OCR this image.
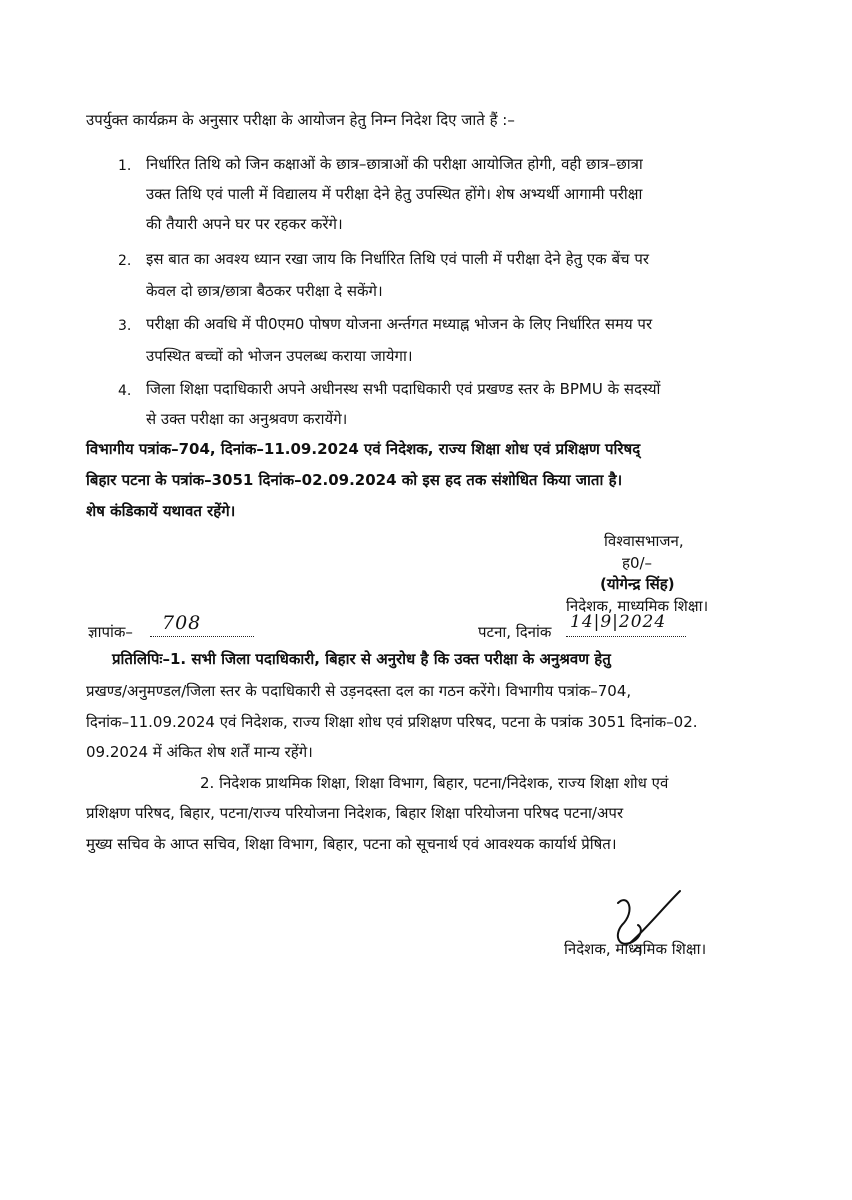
उपर्युक्त कार्यक्रम के अनुसार परीक्षा के आयोजन हेतु निम्न निदेश दिए जाते हैं :–
1. निर्धारित तिथि को जिन कक्षाओं के छात्र–छात्राओं की परीक्षा आयोजित होगी, वही छात्र–छात्रा
उक्त तिथि एवं पाली में विद्यालय में परीक्षा देने हेतु उपस्थित होंगे। शेष अभ्यर्थी आगामी परीक्षा
की तैयारी अपने घर पर रहकर करेंगे।
2. इस बात का अवश्य ध्यान रखा जाय कि निर्धारित तिथि एवं पाली में परीक्षा देने हेतु एक बेंच पर
केवल दो छात्र/छात्रा बैठकर परीक्षा दे सकेंगे।
3. परीक्षा की अवधि में पी0एम0 पोषण योजना अर्न्तगत मध्याह्न भोजन के लिए निर्धारित समय पर
उपस्थित बच्चों को भोजन उपलब्ध कराया जायेगा।
4. जिला शिक्षा पदाधिकारी अपने अधीनस्थ सभी पदाधिकारी एवं प्रखण्ड स्तर के BPMU के सदस्यों
से उक्त परीक्षा का अनुश्रवण करायेंगे।
विभागीय पत्रांक–704, दिनांक–11.09.2024 एवं निदेशक, राज्य शिक्षा शोध एवं प्रशिक्षण परिषद्
बिहार पटना के पत्रांक–3051 दिनांक–02.09.2024 को इस हद तक संशोधित किया जाता है।
शेष कंडिकायें यथावत रहेंगे।
विश्वासभाजन,
ह0/–
(योगेन्द्र सिंह)
निदेशक, माध्यमिक शिक्षा।
ज्ञापांक– 708	पटना, दिनांक 14|9|2024
प्रतिलिपिः–1. सभी जिला पदाधिकारी, बिहार से अनुरोध है कि उक्त परीक्षा के अनुश्रवण हेतु
प्रखण्ड/अनुमण्डल/जिला स्तर के पदाधिकारी से उड़नदस्ता दल का गठन करेंगे। विभागीय पत्रांक–704,
दिनांक–11.09.2024 एवं निदेशक, राज्य शिक्षा शोध एवं प्रशिक्षण परिषद, पटना के पत्रांक 3051 दिनांक–02.
09.2024 में अंकित शेष शर्तें मान्य रहेंगे।
2. निदेशक प्राथमिक शिक्षा, शिक्षा विभाग, बिहार, पटना/निदेशक, राज्य शिक्षा शोध एवं
प्रशिक्षण परिषद, बिहार, पटना/राज्य परियोजना निदेशक, बिहार शिक्षा परियोजना परिषद पटना/अपर
मुख्य सचिव के आप्त सचिव, शिक्षा विभाग, बिहार, पटना को सूचनार्थ एवं आवश्यक कार्यार्थ प्रेषित।
निदेशक, माध्यमिक शिक्षा।
